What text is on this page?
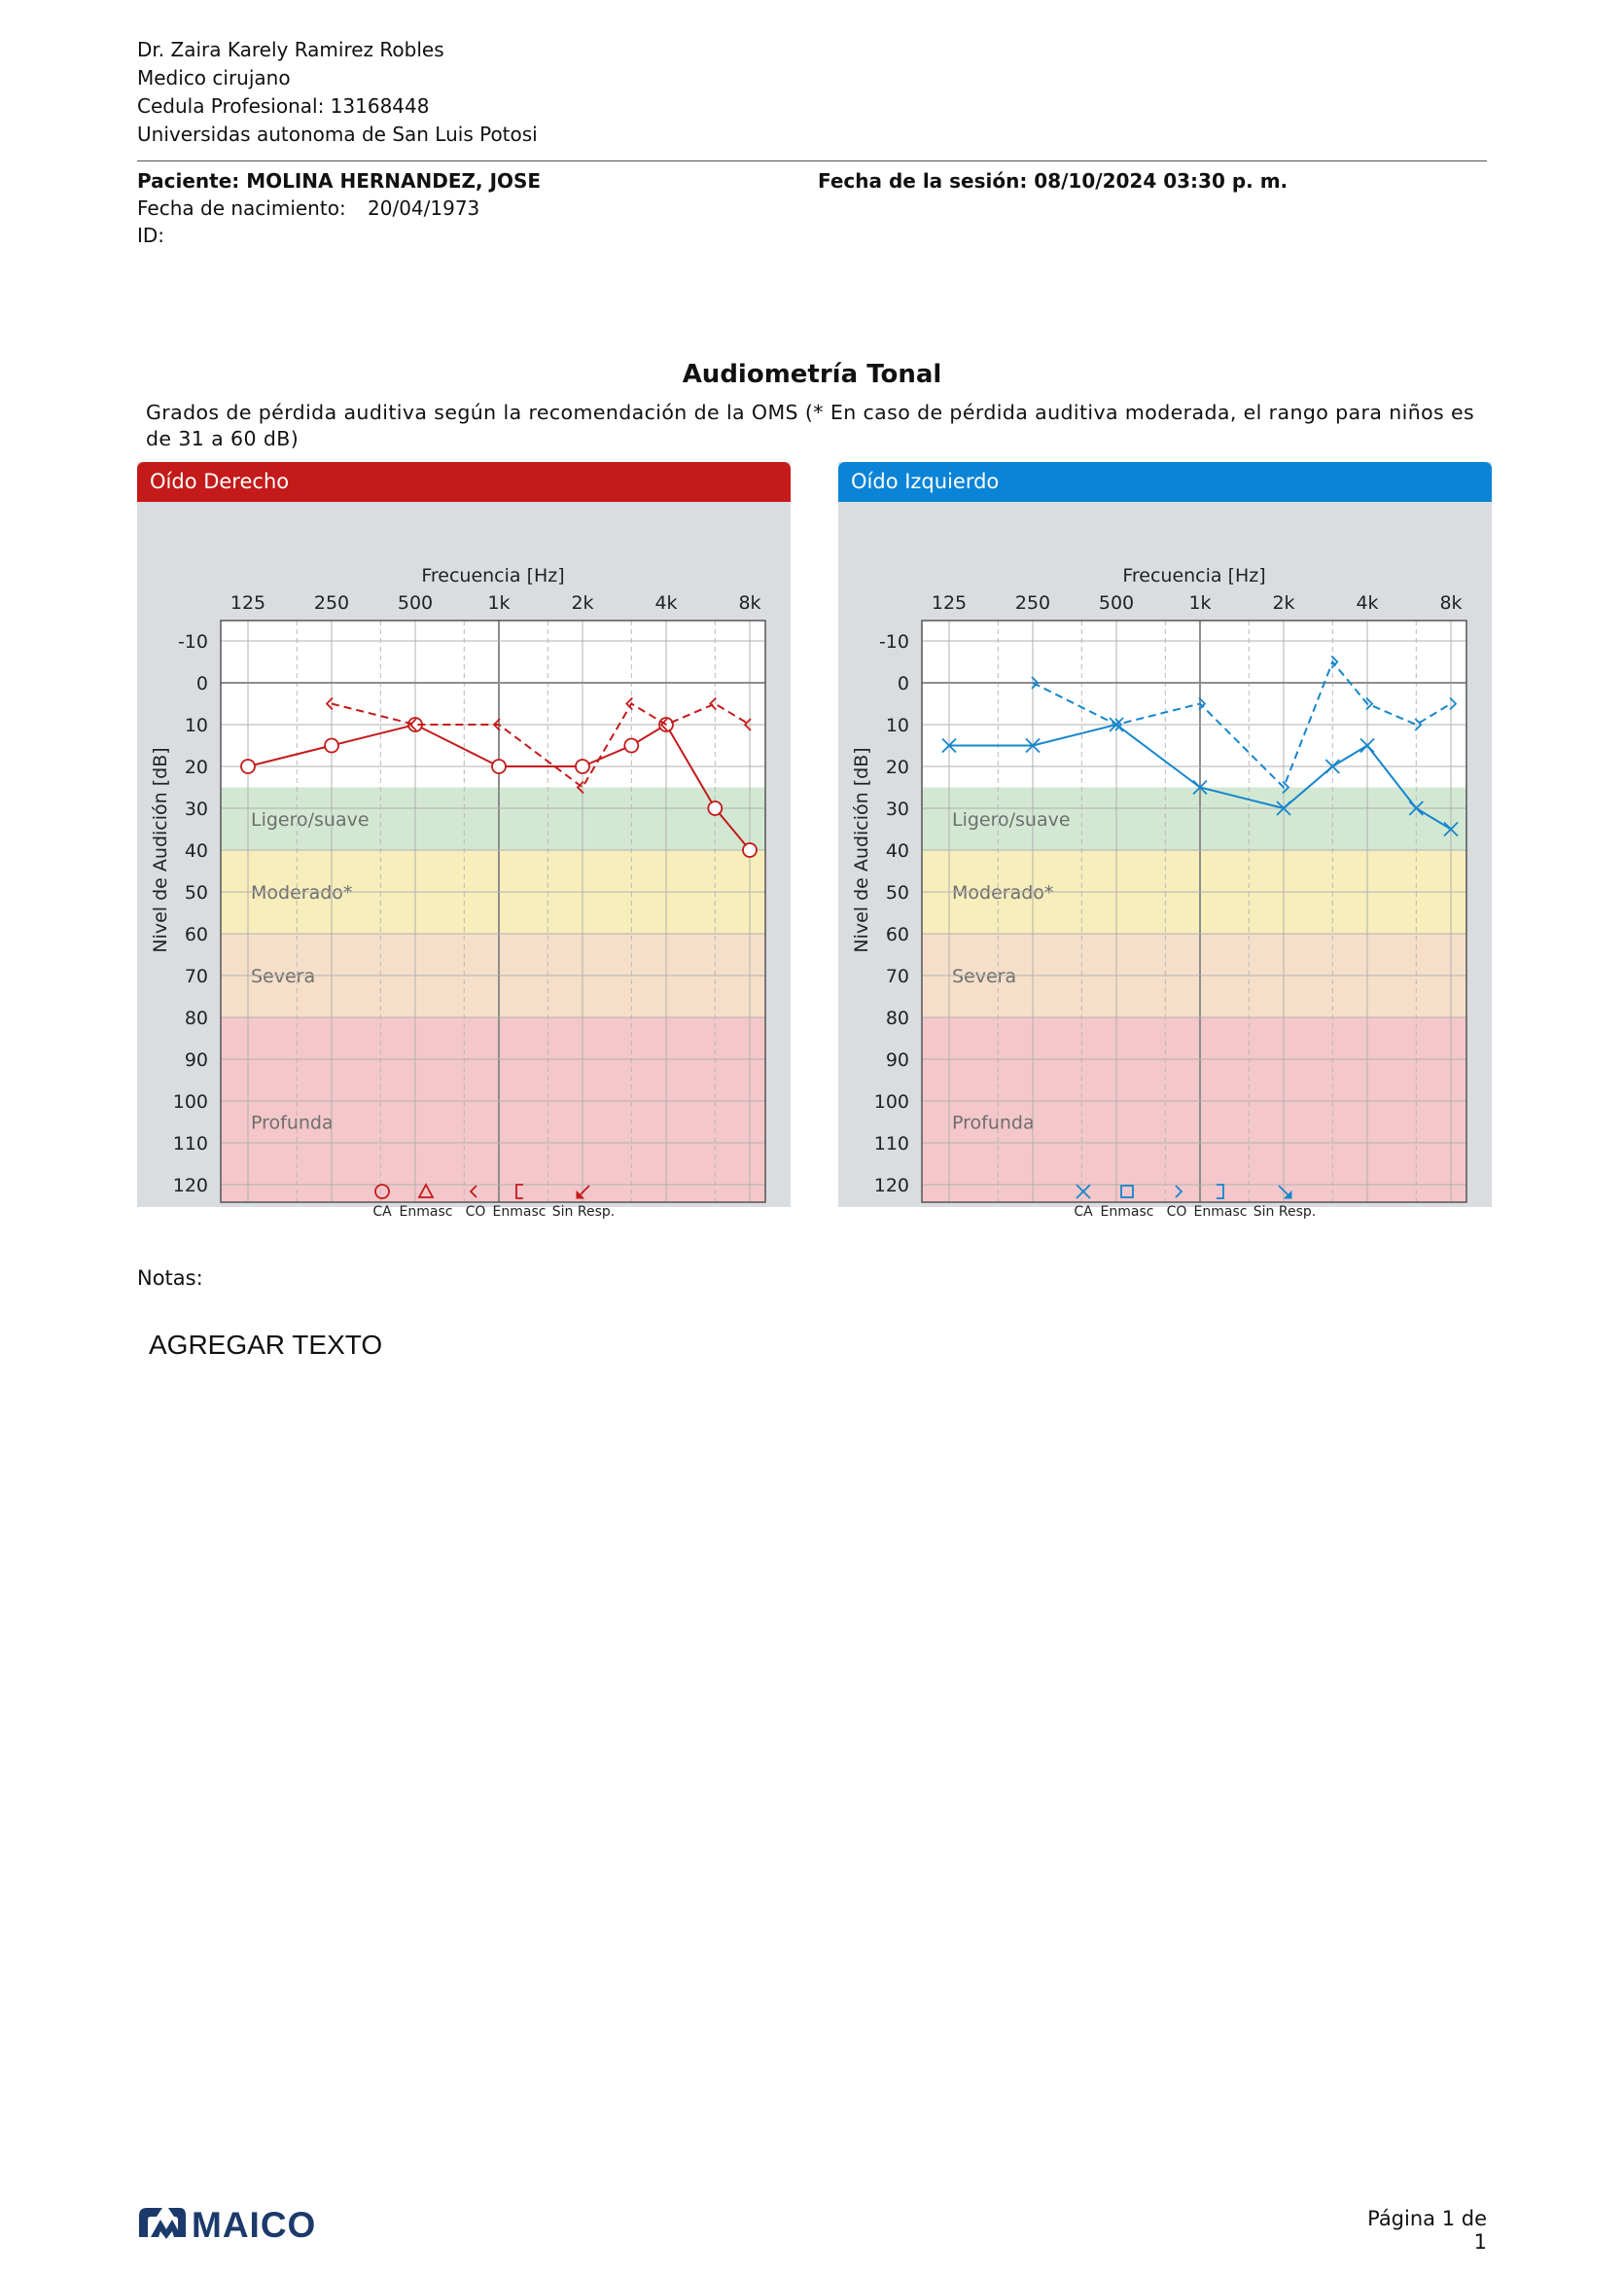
Dr. Zaira Karely Ramirez Robles
Medico cirujano
Cedula Profesional: 13168448
Universidas autonoma de San Luis Potosi
Paciente: MOLINA HERNANDEZ, JOSE	Fecha de la sesión: 08/10/2024 03:30 p. m.
Fecha de nacimiento: 20/04/1973
ID:
Audiometría Tonal
Grados de pérdida auditiva según la recomendación de la OMS (* En caso de pérdida auditiva moderada, el rango para niños es de 31 a 60 dB)
Oído Derecho
Ligero/suave
Moderado*
Severa
Profunda
125	250	500	1k	2k	4k	8k
Frecuencia [Hz]
-10
0
10
20
30
40
50
60
70
80
90
100
110
120
Nivel de Audición [dB]
CA Enmasc CO Enmasc Sin Resp.
Oído Izquierdo
Ligero/suave
Moderado*
Severa
Profunda
125	250	500	1k	2k	4k	8k
Frecuencia [Hz]
-10
0
10
20
30
40
50
60
70
80
90
100
110
120
Nivel de Audición [dB]
CA Enmasc CO Enmasc Sin Resp.
Notas:
AGREGAR TEXTO
MAICO	Página 1 de 1
